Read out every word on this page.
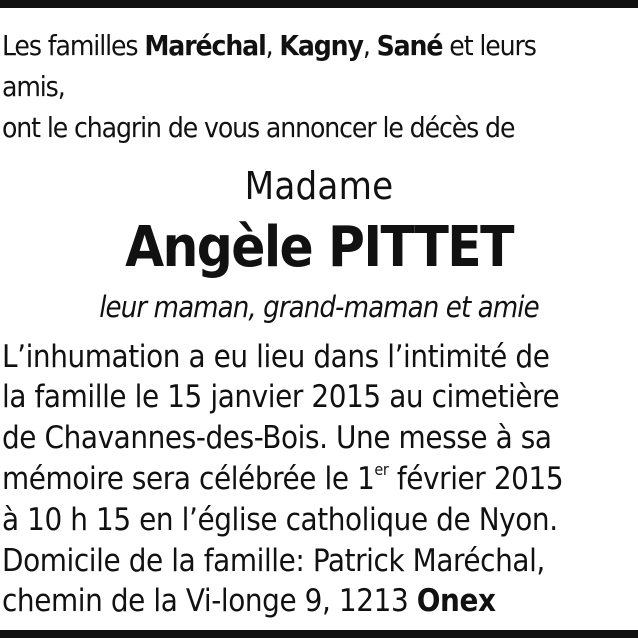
Les familles Maréchal, Kagny, Sané et leurs
amis,
ont le chagrin de vous annoncer le décès de
Madame
Angèle PITTET
leur maman, grand-maman et amie
L’inhumation a eu lieu dans l’intimité de
la famille le 15 janvier 2015 au cimetière
de Chavannes-des-Bois. Une messe à sa
mémoire sera célébrée le 1er février 2015
à 10 h 15 en l’église catholique de Nyon.
Domicile de la famille: Patrick Maréchal,
chemin de la Vi-longe 9, 1213 Onex
